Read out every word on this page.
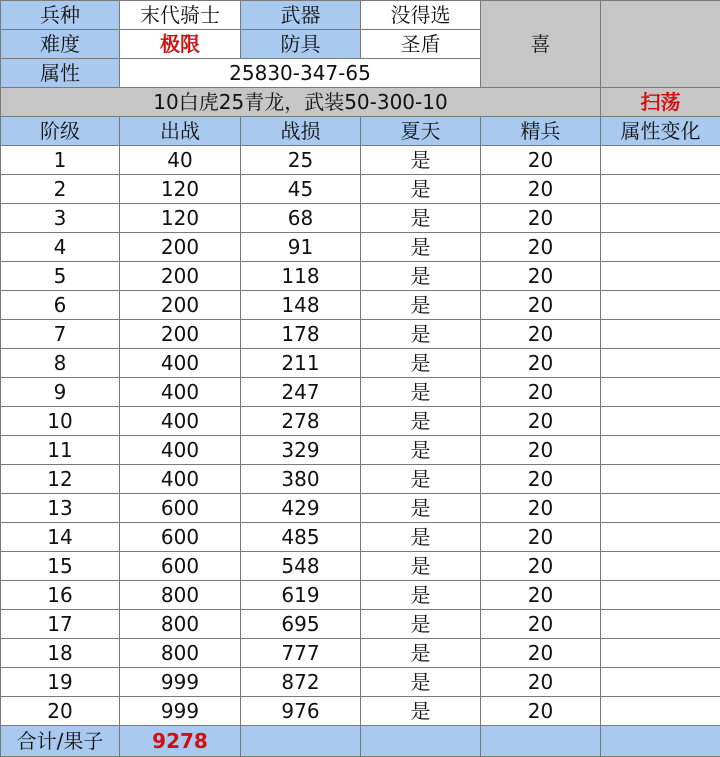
兵种	末代骑士	武器	没得选	喜	
难度	极限	防具	圣盾		
属性	25830-347-65				
10白虎25青龙，武装50-300-10					扫荡
阶级	出战	战损	夏天	精兵	属性变化
1	40	25	是	20	
2	120	45	是	20	
3	120	68	是	20	
4	200	91	是	20	
5	200	118	是	20	
6	200	148	是	20	
7	200	178	是	20	
8	400	211	是	20	
9	400	247	是	20	
10	400	278	是	20	
11	400	329	是	20	
12	400	380	是	20	
13	600	429	是	20	
14	600	485	是	20	
15	600	548	是	20	
16	800	619	是	20	
17	800	695	是	20	
18	800	777	是	20	
19	999	872	是	20	
20	999	976	是	20	
合计/果子	9278				
